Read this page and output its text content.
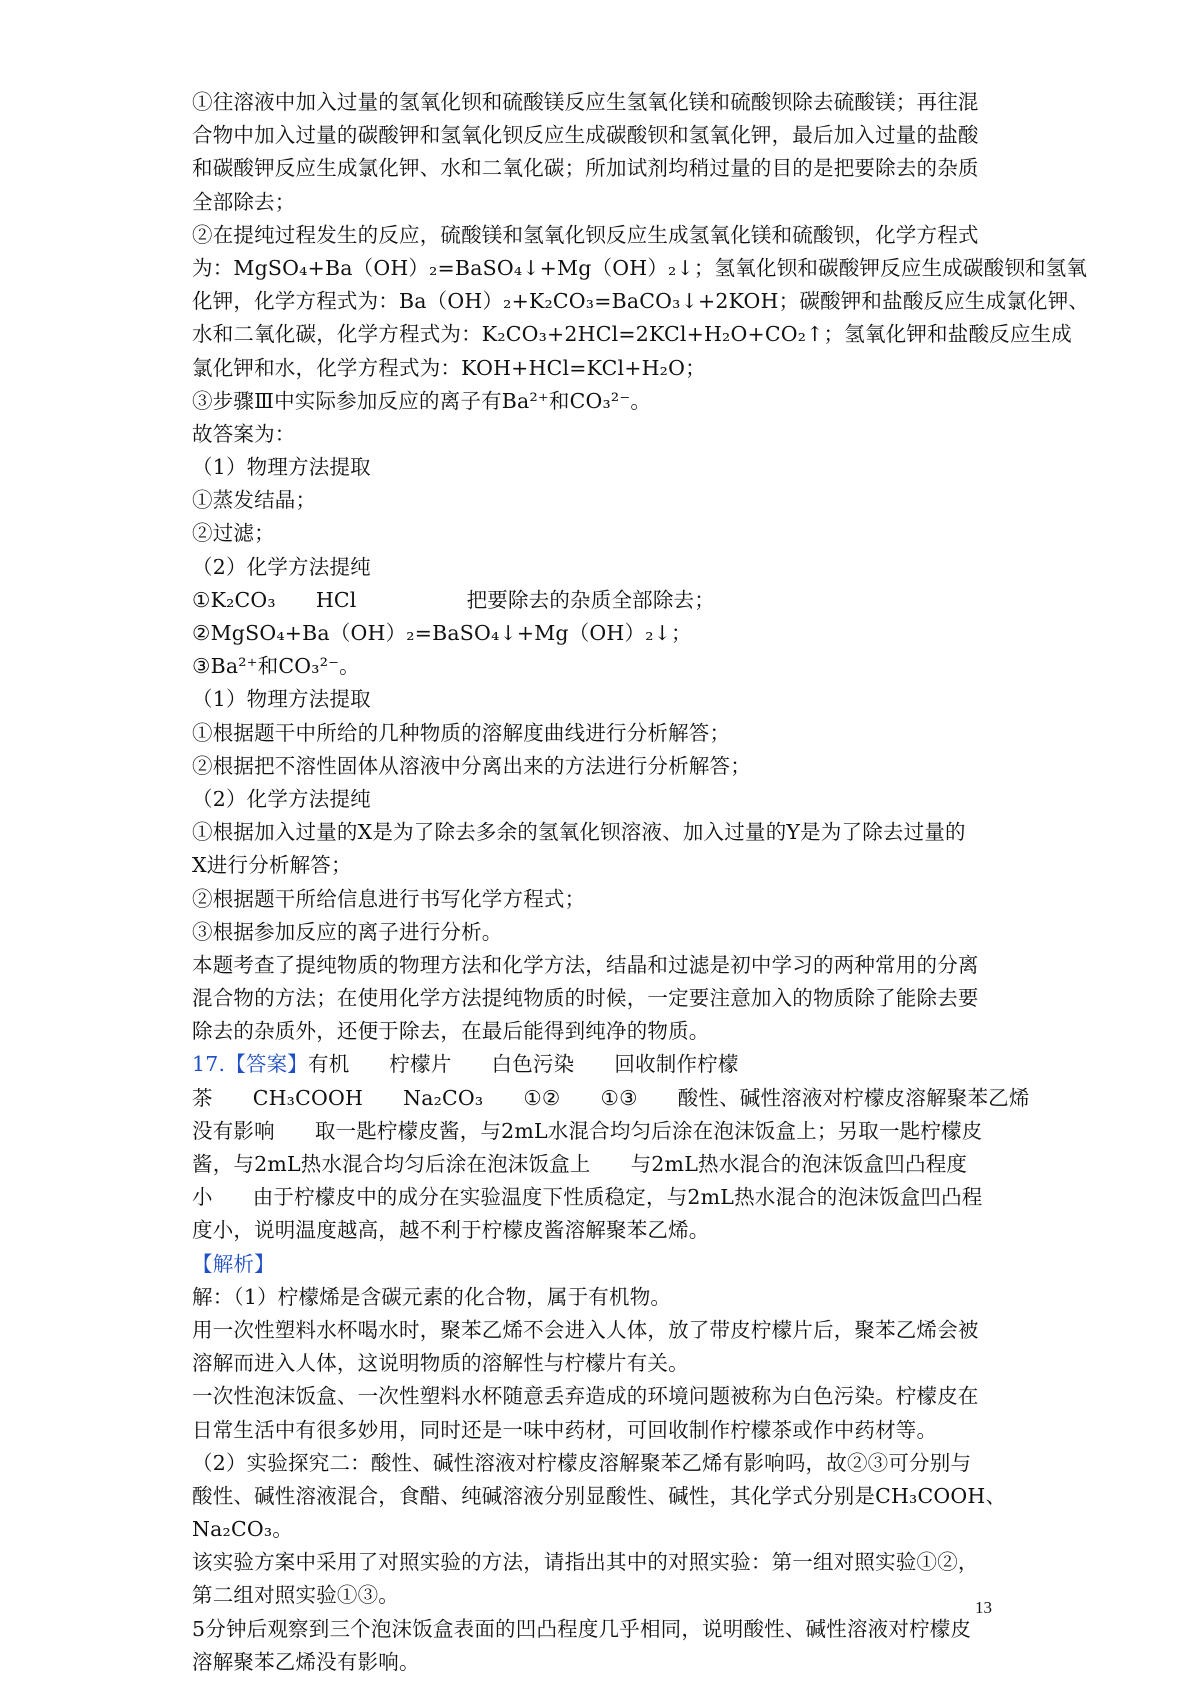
①往溶液中加入过量的氢氧化钡和硫酸镁反应生氢氧化镁和硫酸钡除去硫酸镁；再往混
合物中加入过量的碳酸钾和氢氧化钡反应生成碳酸钡和氢氧化钾，最后加入过量的盐酸
和碳酸钾反应生成氯化钾、水和二氧化碳；所加试剂均稍过量的目的是把要除去的杂质
全部除去；
②在提纯过程发生的反应，硫酸镁和氢氧化钡反应生成氢氧化镁和硫酸钡，化学方程式
为：MgSO₄+Ba（OH）₂=BaSO₄↓+Mg（OH）₂↓；氢氧化钡和碳酸钾反应生成碳酸钡和氢氧
化钾，化学方程式为：Ba（OH）₂+K₂CO₃=BaCO₃↓+2KOH；碳酸钾和盐酸反应生成氯化钾、
水和二氧化碳，化学方程式为：K₂CO₃+2HCl=2KCl+H₂O+CO₂↑；氢氧化钾和盐酸反应生成
氯化钾和水，化学方程式为：KOH+HCl=KCl+H₂O；
③步骤Ⅲ中实际参加反应的离子有Ba²⁺和CO₃²⁻。
故答案为：
（1）物理方法提取
①蒸发结晶；
②过滤；
（2）化学方法提纯
①K₂CO₃ HCl	把要除去的杂质全部除去；
②MgSO₄+Ba（OH）₂=BaSO₄↓+Mg（OH）₂↓；
③Ba²⁺和CO₃²⁻。
（1）物理方法提取
①根据题干中所给的几种物质的溶解度曲线进行分析解答；
②根据把不溶性固体从溶液中分离出来的方法进行分析解答；
（2）化学方法提纯
①根据加入过量的X是为了除去多余的氢氧化钡溶液、加入过量的Y是为了除去过量的
X进行分析解答；
②根据题干所给信息进行书写化学方程式；
③根据参加反应的离子进行分析。
本题考查了提纯物质的物理方法和化学方法，结晶和过滤是初中学习的两种常用的分离
混合物的方法；在使用化学方法提纯物质的时候，一定要注意加入的物质除了能除去要
除去的杂质外，还便于除去，在最后能得到纯净的物质。
17.【答案】有机 柠檬片 白色污染 回收制作柠檬
茶 CH₃COOH Na₂CO₃ ①② ①③ 酸性、碱性溶液对柠檬皮溶解聚苯乙烯
没有影响 取一匙柠檬皮酱，与2mL水混合均匀后涂在泡沫饭盒上；另取一匙柠檬皮
酱，与2mL热水混合均匀后涂在泡沫饭盒上 与2mL热水混合的泡沫饭盒凹凸程度
小 由于柠檬皮中的成分在实验温度下性质稳定，与2mL热水混合的泡沫饭盒凹凸程
度小，说明温度越高，越不利于柠檬皮酱溶解聚苯乙烯。
【解析】
解：（1）柠檬烯是含碳元素的化合物，属于有机物。
用一次性塑料水杯喝水时，聚苯乙烯不会进入人体，放了带皮柠檬片后，聚苯乙烯会被
溶解而进入人体，这说明物质的溶解性与柠檬片有关。
一次性泡沫饭盒、一次性塑料水杯随意丢弃造成的环境问题被称为白色污染。柠檬皮在
日常生活中有很多妙用，同时还是一味中药材，可回收制作柠檬茶或作中药材等。
（2）实验探究二：酸性、碱性溶液对柠檬皮溶解聚苯乙烯有影响吗，故②③可分别与
酸性、碱性溶液混合，食醋、纯碱溶液分别显酸性、碱性，其化学式分别是CH₃COOH、
Na₂CO₃。
该实验方案中采用了对照实验的方法，请指出其中的对照实验：第一组对照实验①②，
第二组对照实验①③。
5分钟后观察到三个泡沫饭盒表面的凹凸程度几乎相同，说明酸性、碱性溶液对柠檬皮
溶解聚苯乙烯没有影响。
13
